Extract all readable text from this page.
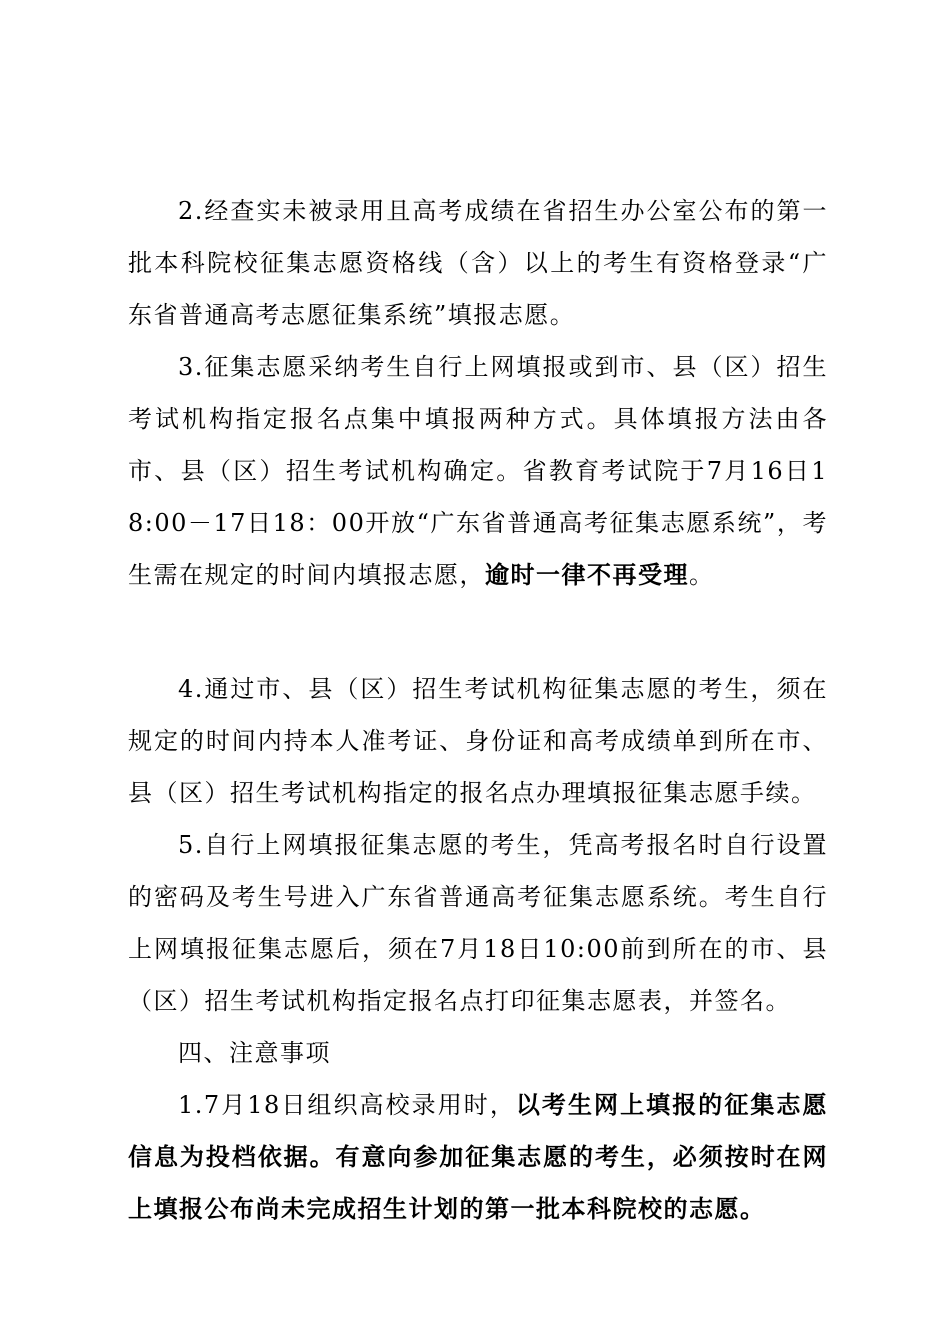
2.经查实未被录用且高考成绩在省招生办公室公布的第一批本科院校征集志愿资格线（含）以上的考生有资格登录“广东省普通高考志愿征集系统”填报志愿。

3.征集志愿采纳考生自行上网填报或到市、县（区）招生考试机构指定报名点集中填报两种方式。具体填报方法由各市、县（区）招生考试机构确定。省教育考试院于7月16日18:00－17日18：00开放“广东省普通高考征集志愿系统”，考生需在规定的时间内填报志愿，逾时一律不再受理。

4.通过市、县（区）招生考试机构征集志愿的考生，须在规定的时间内持本人准考证、身份证和高考成绩单到所在市、县（区）招生考试机构指定的报名点办理填报征集志愿手续。

5.自行上网填报征集志愿的考生，凭高考报名时自行设置的密码及考生号进入广东省普通高考征集志愿系统。考生自行上网填报征集志愿后，须在7月18日10:00前到所在的市、县（区）招生考试机构指定报名点打印征集志愿表，并签名。

四、注意事项

1.7月18日组织高校录用时，以考生网上填报的征集志愿信息为投档依据。有意向参加征集志愿的考生，必须按时在网上填报公布尚未完成招生计划的第一批本科院校的志愿。
